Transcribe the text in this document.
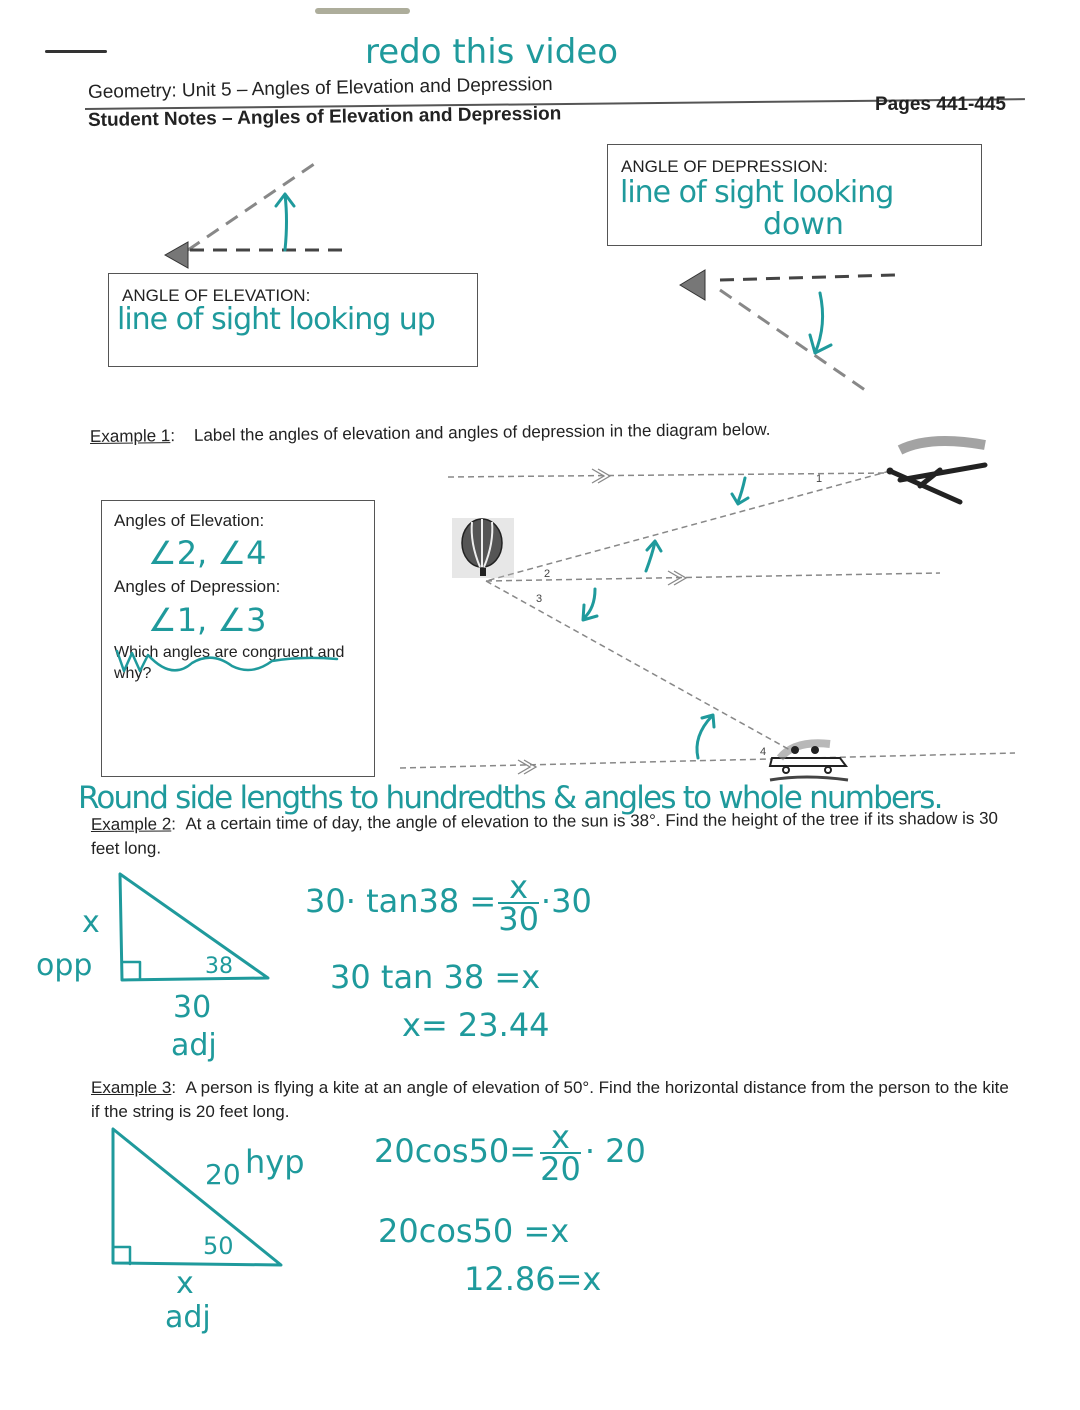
redo this video
Geometry: Unit 5 – Angles of Elevation and Depression
Student Notes – Angles of Elevation and Depression	Pages 441-445
ANGLE OF ELEVATION:
line of sight looking up
ANGLE OF DEPRESSION:
line of sight looking
down
Example 1:    Label the angles of elevation and angles of depression in the diagram below.
Angles of Elevation:
∠2, ∠4
Angles of Depression:
∠1, ∠3
Which angles are congruent and why?
1
2
3
4
Round side lengths to hundredths & angles to whole numbers.
Example 2:  At a certain time of day, the angle of elevation to the sun is 38°. Find the height of the tree if its shadow is 30 feet long.
x
opp	38
30
adj
$30\cdot \tan 38 = \frac{x}{30} \cdot 30$
30 tan 38 =x
x= 23.44
Example 3:  A person is flying a kite at an angle of elevation of 50°. Find the horizontal distance from the person to the kite if the string is 20 feet long.
20 hyp
50
x
adj
$20\cos 50= \frac{x}{20} \cdot 20$
20cos50 =x
12.86=x
